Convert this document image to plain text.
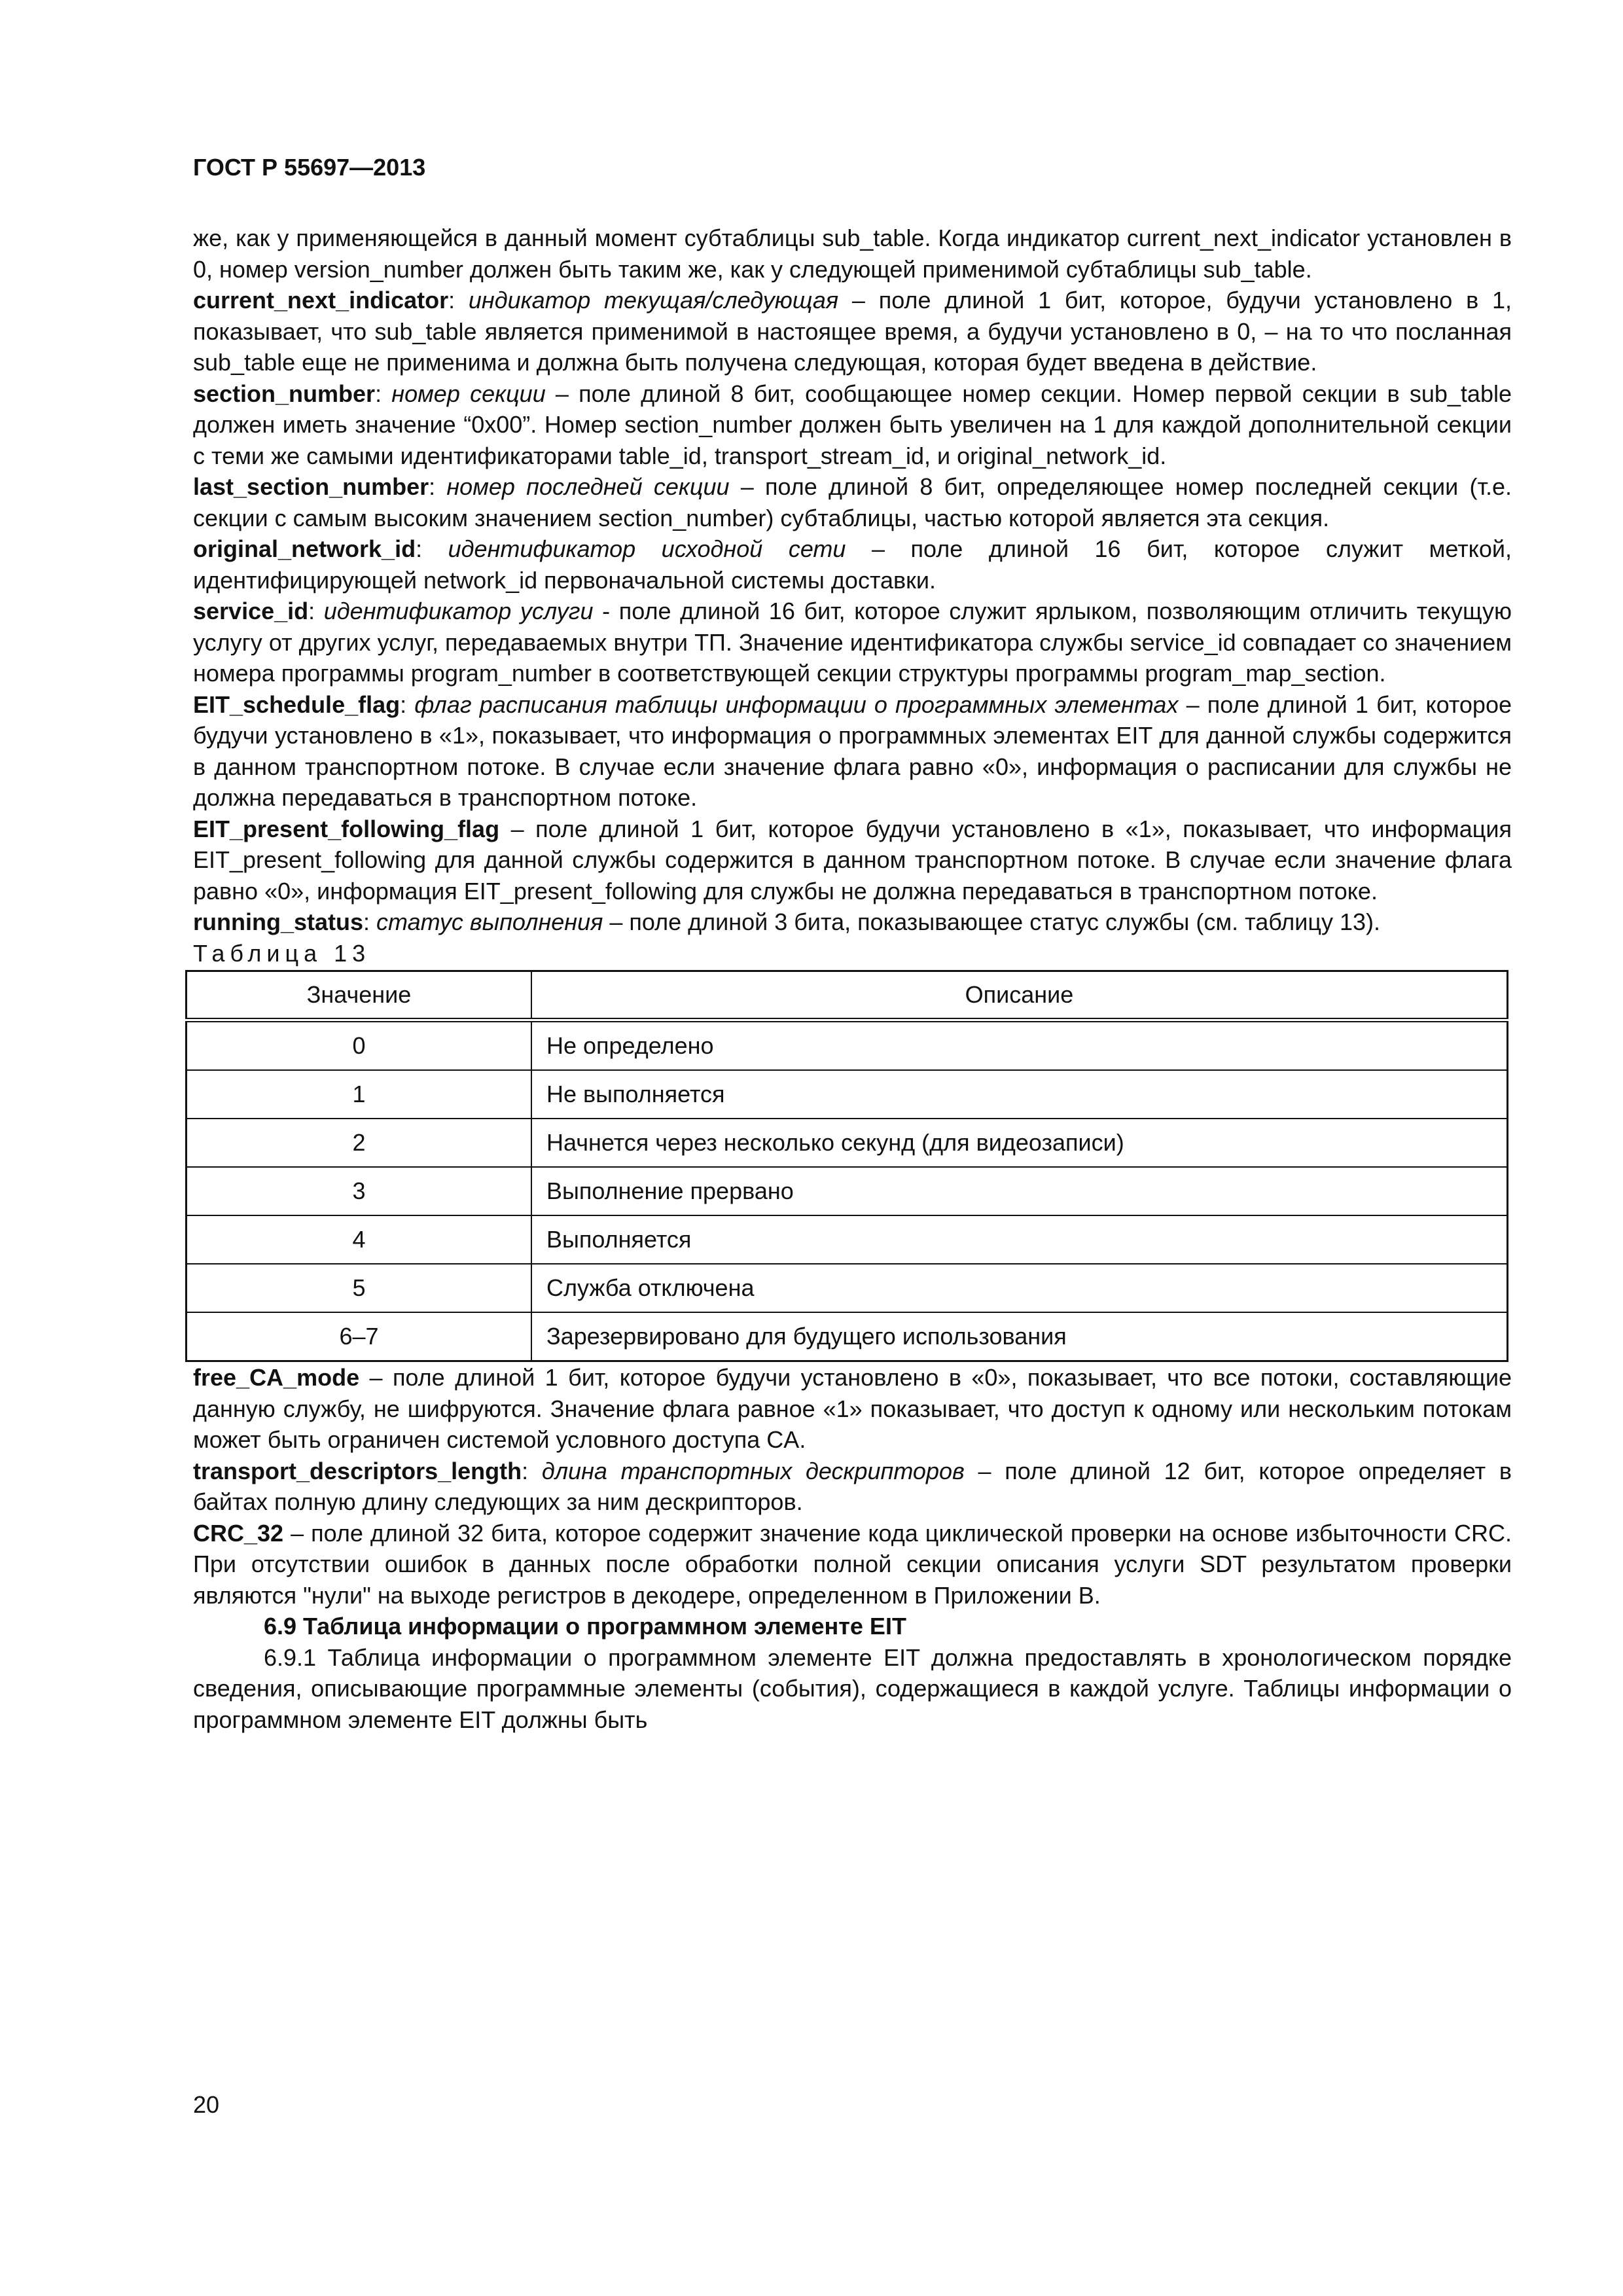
ГОСТ Р 55697—2013

же, как у применяющейся в данный момент субтаблицы sub_table. Когда индикатор current_next_indicator установлен в 0, номер version_number должен быть таким же, как у следующей применимой субтаблицы sub_table.

current_next_indicator: индикатор текущая/следующая – поле длиной 1 бит, которое, будучи установлено в 1, показывает, что sub_table является применимой в настоящее время, а будучи установлено в 0, – на то что посланная sub_table еще не применима и должна быть получена следующая, которая будет введена в действие.

section_number: номер секции – поле длиной 8 бит, сообщающее номер секции. Номер первой секции в sub_table должен иметь значение “0x00”. Номер section_number должен быть увеличен на 1 для каждой дополнительной секции с теми же самыми идентификаторами table_id, transport_stream_id, и original_network_id.

last_section_number: номер последней секции – поле длиной 8 бит, определяющее номер последней секции (т.е. секции с самым высоким значением section_number) субтаблицы, частью которой является эта секция.

original_network_id: идентификатор исходной сети – поле длиной 16 бит, которое служит меткой, идентифицирующей network_id первоначальной системы доставки.

service_id: идентификатор услуги - поле длиной 16 бит, которое служит ярлыком, позволяющим отличить текущую услугу от других услуг, передаваемых внутри ТП. Значение идентификатора службы service_id совпадает со значением номера программы program_number в соответствующей секции структуры программы program_map_section.

EIT_schedule_flag: флаг расписания таблицы информации о программных элементах – поле длиной 1 бит, которое будучи установлено в «1», показывает, что информация о программных элементах EIT для данной службы содержится в данном транспортном потоке. В случае если значение флага равно «0», информация о расписании для службы не должна передаваться в транспортном потоке.

EIT_present_following_flag – поле длиной 1 бит, которое будучи установлено в «1», показывает, что информация EIT_present_following для данной службы содержится в данном транспортном потоке. В случае если значение флага равно «0», информация EIT_present_following для службы не должна передаваться в транспортном потоке.

running_status: статус выполнения – поле длиной 3 бита, показывающее статус службы (см. таблицу 13).

Таблица 13

Значение	Описание
0	Не определено
1	Не выполняется
2	Начнется через несколько секунд (для видеозаписи)
3	Выполнение прервано
4	Выполняется
5	Служба отключена
6–7	Зарезервировано для будущего использования

free_CA_mode – поле длиной 1 бит, которое будучи установлено в «0», показывает, что все потоки, составляющие данную службу, не шифруются. Значение флага равное «1» показывает, что доступ к одному или нескольким потокам может быть ограничен системой условного доступа CA.

transport_descriptors_length: длина транспортных дескрипторов – поле длиной 12 бит, которое определяет в байтах полную длину следующих за ним дескрипторов.

CRC_32 – поле длиной 32 бита, которое содержит значение кода циклической проверки на основе избыточности CRC. При отсутствии ошибок в данных после обработки полной секции описания услуги SDT результатом проверки являются "нули" на выходе регистров в декодере, определенном в Приложении В.

6.9 Таблица информации о программном элементе EIT

6.9.1 Таблица информации о программном элементе EIT должна предоставлять в хронологическом порядке сведения, описывающие программные элементы (события), содержащиеся в каждой услуге. Таблицы информации о программном элементе EIT должны быть

20
